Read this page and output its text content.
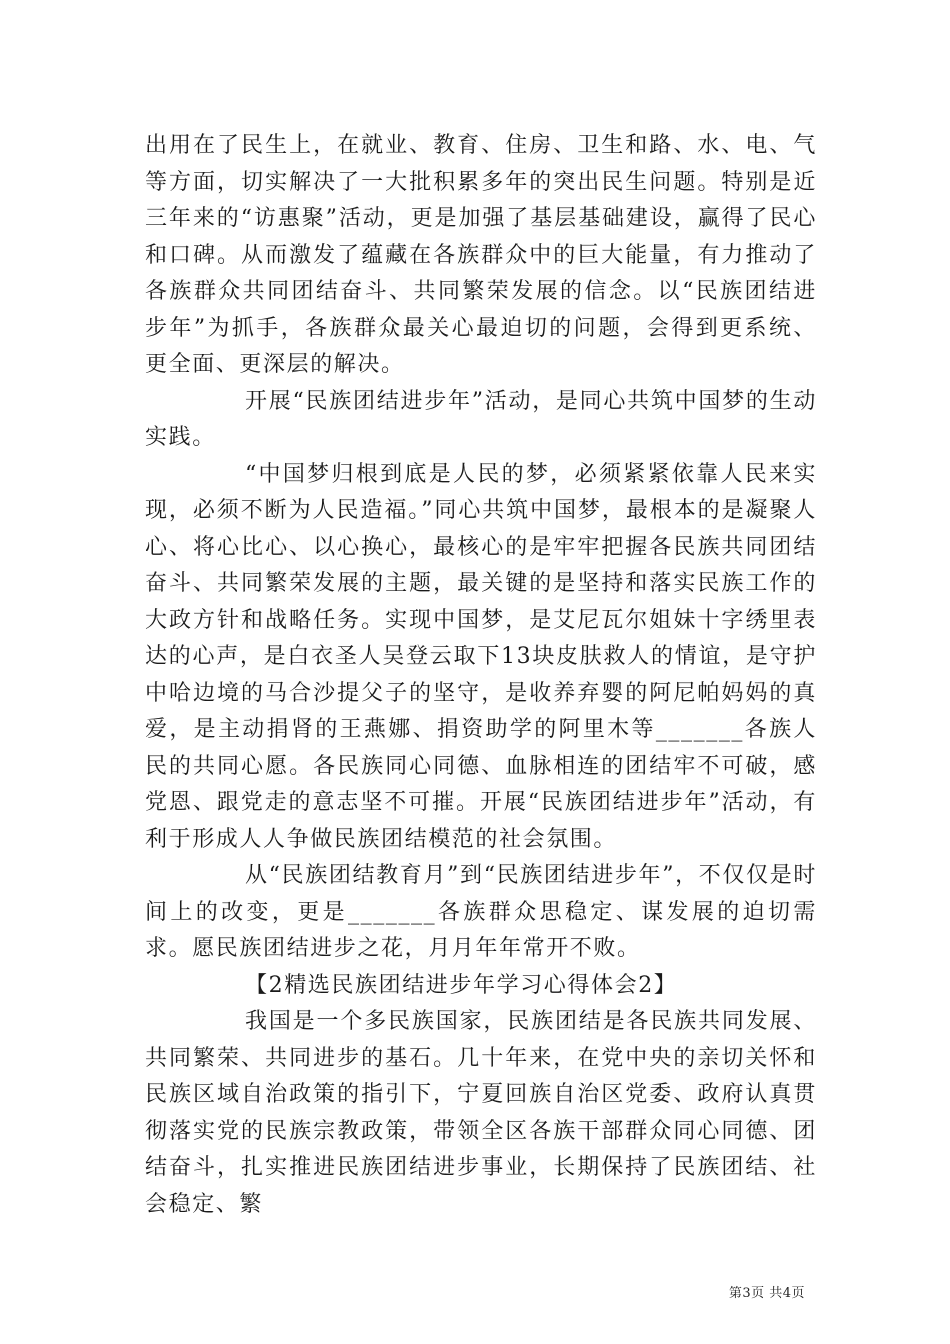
出用在了民生上，在就业、教育、住房、卫生和路、水、电、气等方面，切实解决了一大批积累多年的突出民生问题。特别是近三年来的“访惠聚”活动，更是加强了基层基础建设，赢得了民心和口碑。从而激发了蕴藏在各族群众中的巨大能量，有力推动了各族群众共同团结奋斗、共同繁荣发展的信念。以“民族团结进步年”为抓手，各族群众最关心最迫切的问题，会得到更系统、更全面、更深层的解决。

开展“民族团结进步年”活动，是同心共筑中国梦的生动实践。

“中国梦归根到底是人民的梦，必须紧紧依靠人民来实现，必须不断为人民造福。”同心共筑中国梦，最根本的是凝聚人心、将心比心、以心换心，最核心的是牢牢把握各民族共同团结奋斗、共同繁荣发展的主题，最关键的是坚持和落实民族工作的大政方针和战略任务。实现中国梦，是艾尼瓦尔姐妹十字绣里表达的心声，是白衣圣人吴登云取下13块皮肤救人的情谊，是守护中哈边境的马合沙提父子的坚守，是收养弃婴的阿尼帕妈妈的真爱，是主动捐肾的王燕娜、捐资助学的阿里木等_______各族人民的共同心愿。各民族同心同德、血脉相连的团结牢不可破，感党恩、跟党走的意志坚不可摧。开展“民族团结进步年”活动，有利于形成人人争做民族团结模范的社会氛围。

从“民族团结教育月”到“民族团结进步年”，不仅仅是时间上的改变，更是_______各族群众思稳定、谋发展的迫切需求。愿民族团结进步之花，月月年年常开不败。

【2精选民族团结进步年学习心得体会2】

我国是一个多民族国家，民族团结是各民族共同发展、共同繁荣、共同进步的基石。几十年来，在党中央的亲切关怀和民族区域自治政策的指引下，宁夏回族自治区党委、政府认真贯彻落实党的民族宗教政策，带领全区各族干部群众同心同德、团结奋斗，扎实推进民族团结进步事业，长期保持了民族团结、社会稳定、繁

第3页 共4页
